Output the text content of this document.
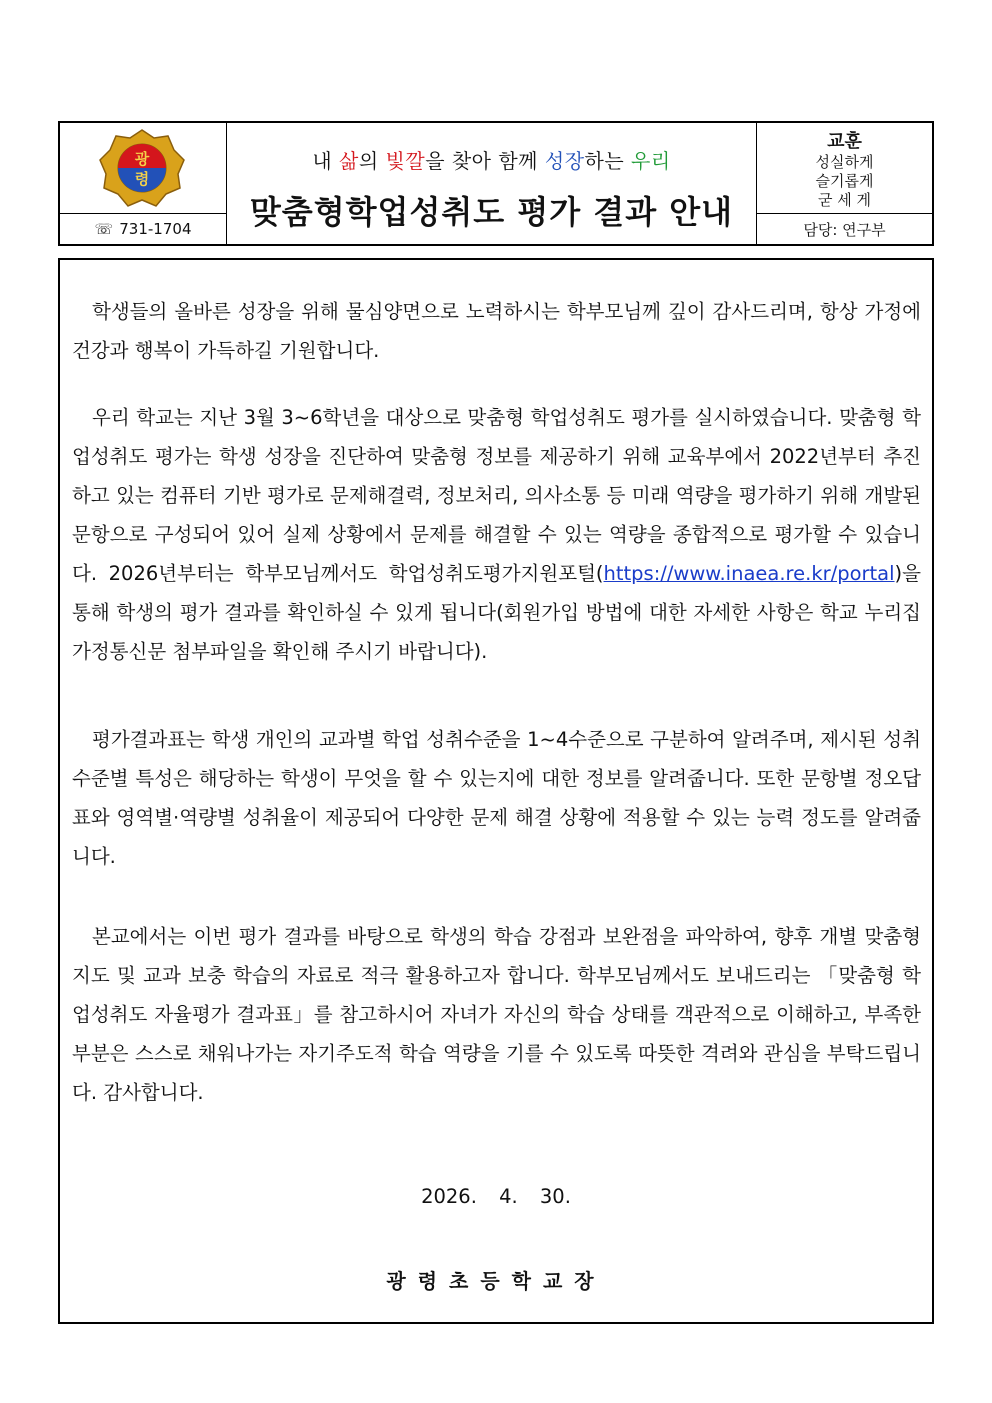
광
령
☏ 731-1704
내 삶의 빛깔을 찾아 함께 성장하는 우리
맞춤형학업성취도 평가 결과 안내
교훈
성실하게
슬기롭게
굳 세 게
담당: 연구부
학생들의 올바른 성장을 위해 물심양면으로 노력하시는 학부모님께 깊이 감사드리며, 항상 가정에 건강과 행복이 가득하길 기원합니다.
우리 학교는 지난 3월 3~6학년을 대상으로 맞춤형 학업성취도 평가를 실시하였습니다. 맞춤형 학업성취도 평가는 학생 성장을 진단하여 맞춤형 정보를 제공하기 위해 교육부에서 2022년부터 추진하고 있는 컴퓨터 기반 평가로 문제해결력, 정보처리, 의사소통 등 미래 역량을 평가하기 위해 개발된 문항으로 구성되어 있어 실제 상황에서 문제를 해결할 수 있는 역량을 종합적으로 평가할 수 있습니다. 2026년부터는 학부모님께서도 학업성취도평가지원포털(https://www.inaea.re.kr/portal)을 통해 학생의 평가 결과를 확인하실 수 있게 됩니다(회원가입 방법에 대한 자세한 사항은 학교 누리집 가정통신문 첨부파일을 확인해 주시기 바랍니다).
평가결과표는 학생 개인의 교과별 학업 성취수준을 1~4수준으로 구분하여 알려주며, 제시된 성취수준별 특성은 해당하는 학생이 무엇을 할 수 있는지에 대한 정보를 알려줍니다. 또한 문항별 정오답표와 영역별·역량별 성취율이 제공되어 다양한 문제 해결 상황에 적용할 수 있는 능력 정도를 알려줍니다.
본교에서는 이번 평가 결과를 바탕으로 학생의 학습 강점과 보완점을 파악하여, 향후 개별 맞춤형 지도 및 교과 보충 학습의 자료로 적극 활용하고자 합니다. 학부모님께서도 보내드리는 「맞춤형 학업성취도 자율평가 결과표」를 참고하시어 자녀가 자신의 학습 상태를 객관적으로 이해하고, 부족한 부분은 스스로 채워나가는 자기주도적 학습 역량을 기를 수 있도록 따뜻한 격려와 관심을 부탁드립니다. 감사합니다.
2026. 4. 30.
광령초등학교장
